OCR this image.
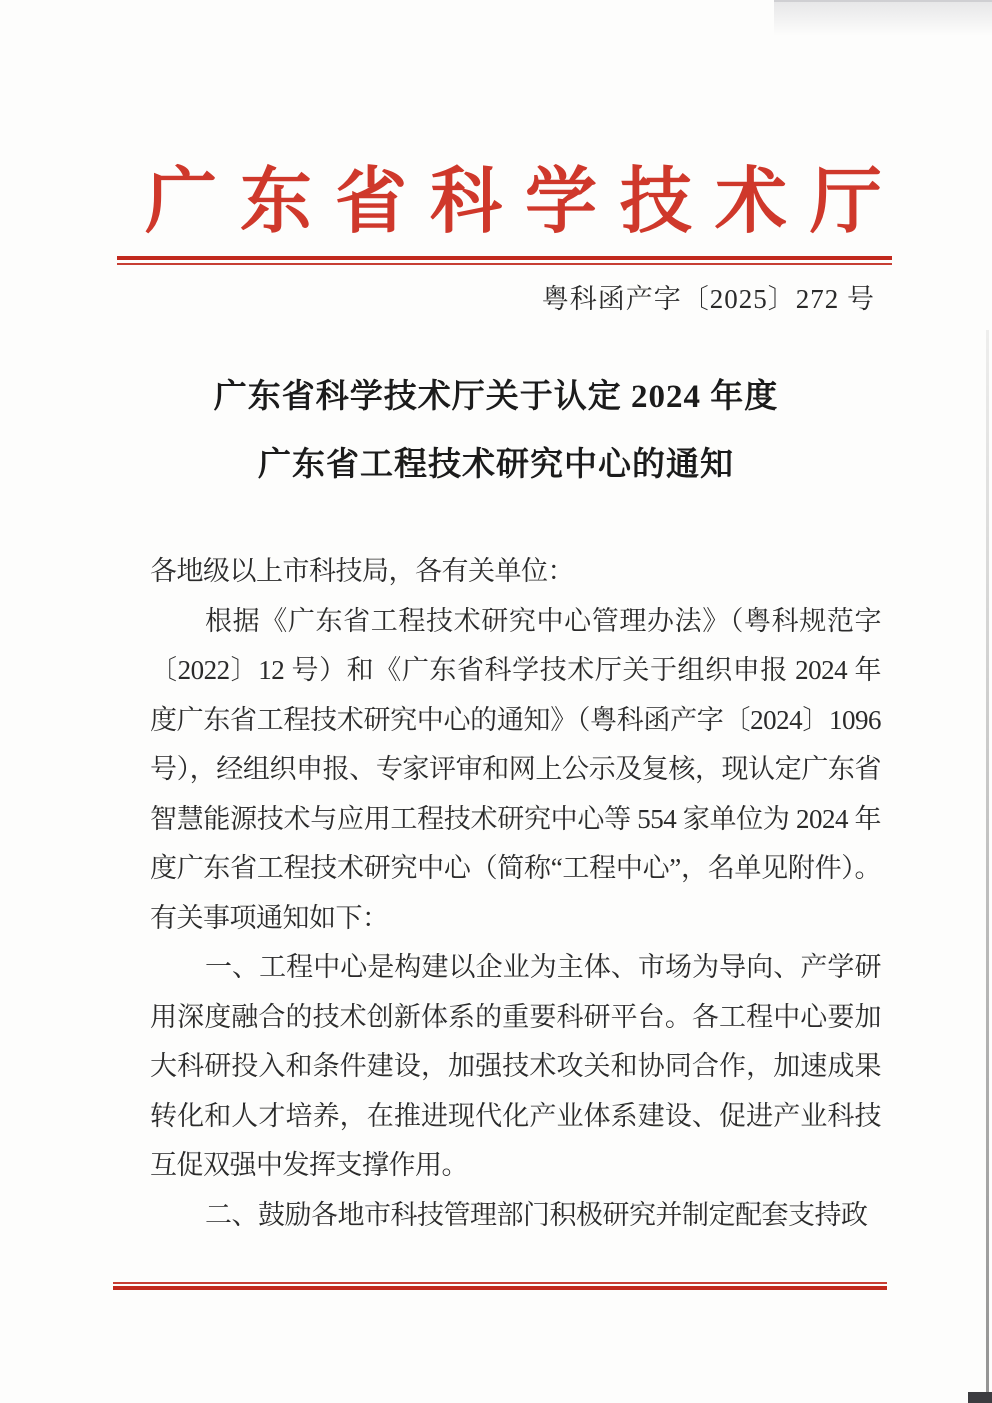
广 东 省 科 学 技 术 厅
粤科函产字〔2025〕272 号
广东省科学技术厅关于认定 2024 年度
广东省工程技术研究中心的通知

各地级以上市科技局，各有关单位：

根据《广东省工程技术研究中心管理办法》（粤科规范字〔2022〕12 号）和《广东省科学技术厅关于组织申报 2024 年度广东省工程技术研究中心的通知》（粤科函产字〔2024〕1096 号），经组织申报、专家评审和网上公示及复核，现认定广东省智慧能源技术与应用工程技术研究中心等 554 家单位为 2024 年度广东省工程技术研究中心（简称“工程中心”，名单见附件）。有关事项通知如下：

一、工程中心是构建以企业为主体、市场为导向、产学研用深度融合的技术创新体系的重要科研平台。各工程中心要加大科研投入和条件建设，加强技术攻关和协同合作，加速成果转化和人才培养，在推进现代化产业体系建设、促进产业科技互促双强中发挥支撑作用。

二、鼓励各地市科技管理部门积极研究并制定配套支持政
